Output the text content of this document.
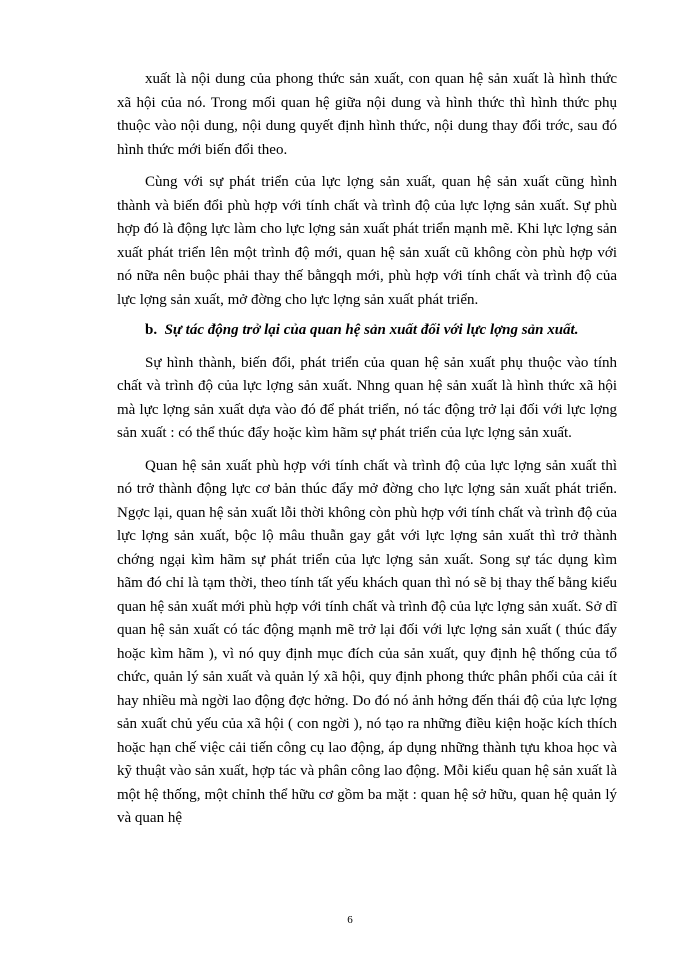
xuất là nội dung của phong thức sản xuất, con quan hệ sản xuất là hình thức xã hội của nó. Trong mối quan hệ giữa nội dung và hình thức thì hình thức phụ thuộc vào nội dung, nội dung quyết định hình thức, nội dung thay đổi trớc, sau đó hình thức mới biến đổi theo.

Cùng với sự phát triển của lực lợng sản xuất, quan hệ sản xuất cũng hình thành và biến đổi phù hợp với tính chất và trình độ của lực lợng sản xuất. Sự phù hợp đó là động lực làm cho lực lợng sản xuất phát triển mạnh mẽ. Khi lực lợng sản xuất phát triển lên một trình độ mới, quan hệ sản xuất cũ không còn phù hợp với nó nữa nên buộc phải thay thế bằngqh mới, phù hợp với tính chất và trình độ của lực lợng sản xuất, mở đờng cho lực lợng sản xuất phát triển.

b. Sự tác động trở lại của quan hệ sản xuất đối với lực lợng sản xuất.

Sự hình thành, biến đổi, phát triển của quan hệ sản xuất phụ thuộc vào tính chất và trình độ của lực lợng sản xuất. Nhng quan hệ sản xuất là hình thức xã hội mà lực lợng sản xuất dựa vào đó để phát triển, nó tác động trở lại đối với lực lợng sản xuất : có thể thúc đẩy hoặc kìm hãm sự phát triển của lực lợng sản xuất.

Quan hệ sản xuất phù hợp với tính chất và trình độ của lực lợng sản xuất thì nó trở thành động lực cơ bản thúc đẩy mở đờng cho lực lợng sản xuất phát triển. Ngợc lại, quan hệ sản xuất lỗi thời không còn phù hợp với tính chất và trình độ của lực lợng sản xuất, bộc lộ mâu thuẫn gay gắt với lực lợng sản xuất thì trở thành chớng ngại kìm hãm sự phát triển của lực lợng sản xuất. Song sự tác dụng kìm hãm đó chỉ là tạm thời, theo tính tất yếu khách quan thì nó sẽ bị thay thế bằng kiểu quan hệ sản xuất mới phù hợp với tính chất và trình độ của lực lợng sản xuất. Sở dĩ quan hệ sản xuất có tác động mạnh mẽ trở lại đối với lực lợng sản xuất ( thúc đẩy hoặc kìm hãm ), vì nó quy định mục đích của sản xuất, quy định hệ thống của tổ chức, quản lý sản xuất và quản lý xã hội, quy định phong thức phân phối của cải ít hay nhiều mà ngời lao động đợc hởng. Do đó nó ảnh hởng đến thái độ của lực lợng sản xuất chủ yếu của xã hội ( con ngời ), nó tạo ra những điều kiện hoặc kích thích hoặc hạn chế việc cải tiến công cụ lao động, áp dụng những thành tựu khoa học và kỹ thuật vào sản xuất, hợp tác và phân công lao động. Mỗi kiểu quan hệ sản xuất là một hệ thống, một chỉnh thể hữu cơ gồm ba mặt : quan hệ sở hữu, quan hệ quản lý và quan hệ

6
